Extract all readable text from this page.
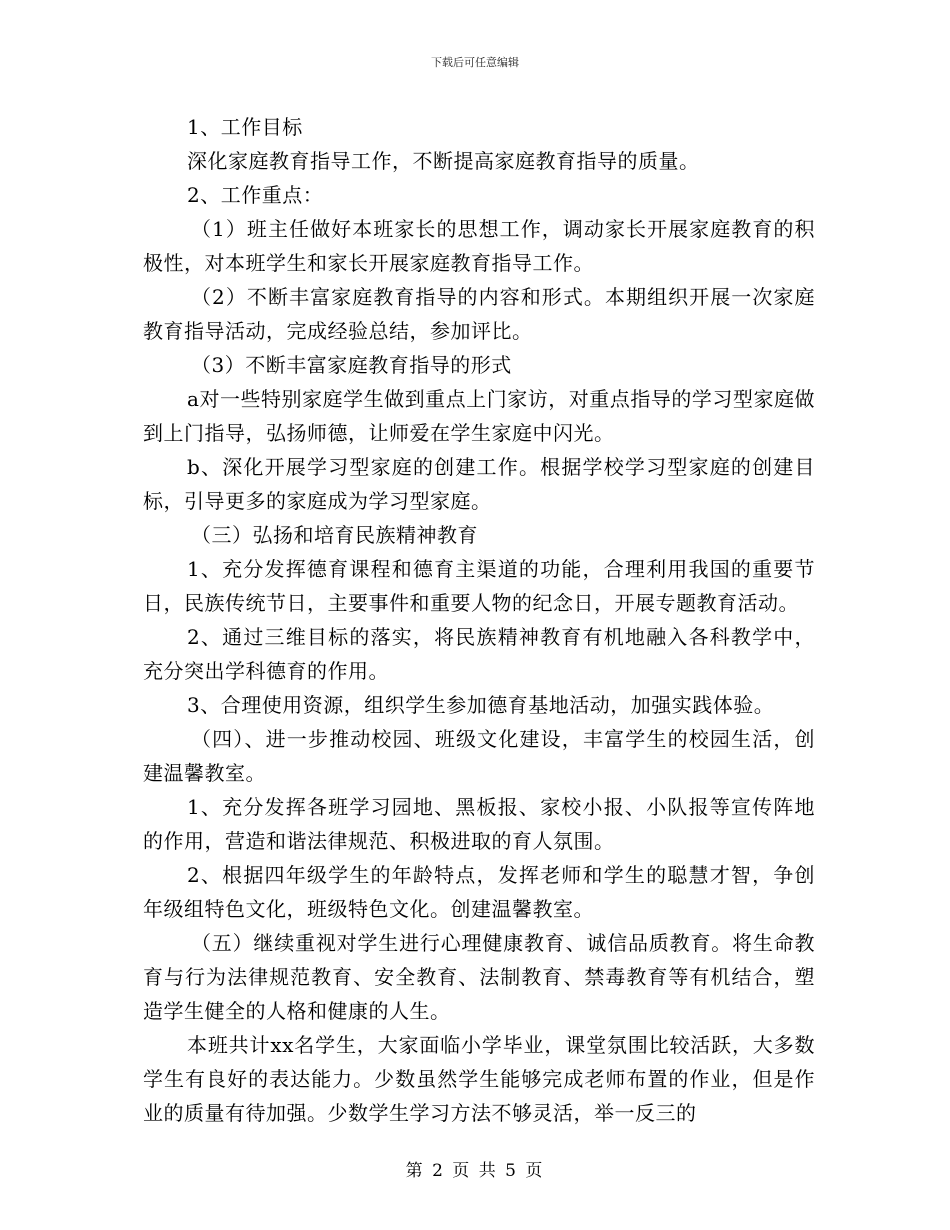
下载后可任意编辑

1、工作目标

深化家庭教育指导工作，不断提高家庭教育指导的质量。

2、工作重点：

（1）班主任做好本班家长的思想工作，调动家长开展家庭教育的积极性，对本班学生和家长开展家庭教育指导工作。

（2）不断丰富家庭教育指导的内容和形式。本期组织开展一次家庭教育指导活动，完成经验总结，参加评比。

（3）不断丰富家庭教育指导的形式

a对一些特别家庭学生做到重点上门家访，对重点指导的学习型家庭做到上门指导，弘扬师德，让师爱在学生家庭中闪光。

b、深化开展学习型家庭的创建工作。根据学校学习型家庭的创建目标，引导更多的家庭成为学习型家庭。

（三）弘扬和培育民族精神教育

1、充分发挥德育课程和德育主渠道的功能，合理利用我国的重要节日，民族传统节日，主要事件和重要人物的纪念日，开展专题教育活动。

2、通过三维目标的落实，将民族精神教育有机地融入各科教学中，充分突出学科德育的作用。

3、合理使用资源，组织学生参加德育基地活动，加强实践体验。

（四）、进一步推动校园、班级文化建设，丰富学生的校园生活，创建温馨教室。

1、充分发挥各班学习园地、黑板报、家校小报、小队报等宣传阵地的作用，营造和谐法律规范、积极进取的育人氛围。

2、根据四年级学生的年龄特点，发挥老师和学生的聪慧才智，争创年级组特色文化，班级特色文化。创建温馨教室。

（五）继续重视对学生进行心理健康教育、诚信品质教育。将生命教育与行为法律规范教育、安全教育、法制教育、禁毒教育等有机结合，塑造学生健全的人格和健康的人生。

本班共计xx名学生，大家面临小学毕业，课堂氛围比较活跃，大多数学生有良好的表达能力。少数虽然学生能够完成老师布置的作业，但是作业的质量有待加强。少数学生学习方法不够灵活，举一反三的

第 2 页 共 5 页
